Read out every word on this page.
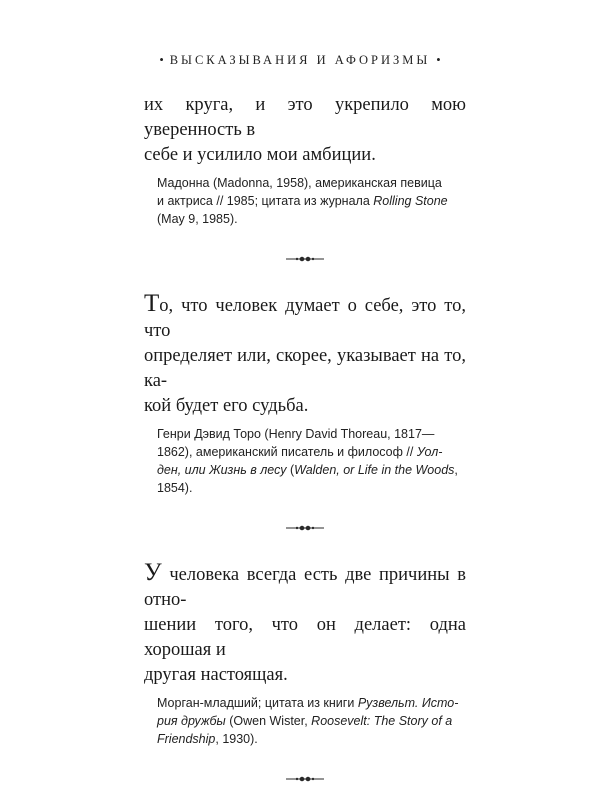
• ВЫСКАЗЫВАНИЯ И АФОРИЗМЫ •

их круга, и это укрепило мою уверенность в
себе и усилило мои амбиции.

Мадонна (Madonna, 1958), американская певица
и актриса // 1985; цитата из журнала Rolling Stone
(May 9, 1985).

То, что человек думает о себе, это то, что
определяет или, скорее, указывает на то, ка-
кой будет его судьба.

Генри Дэвид Торо (Henry David Thoreau, 1817—
1862), американский писатель и философ // Уол-
ден, или Жизнь в лесу (Walden, or Life in the Woods,
1854).

У человека всегда есть две причины в отно-
шении того, что он делает: одна хорошая и
другая настоящая.

Морган-младший; цитата из книги Рузвельт. Исто-
рия дружбы (Owen Wister, Roosevelt: The Story of a
Friendship, 1930).
